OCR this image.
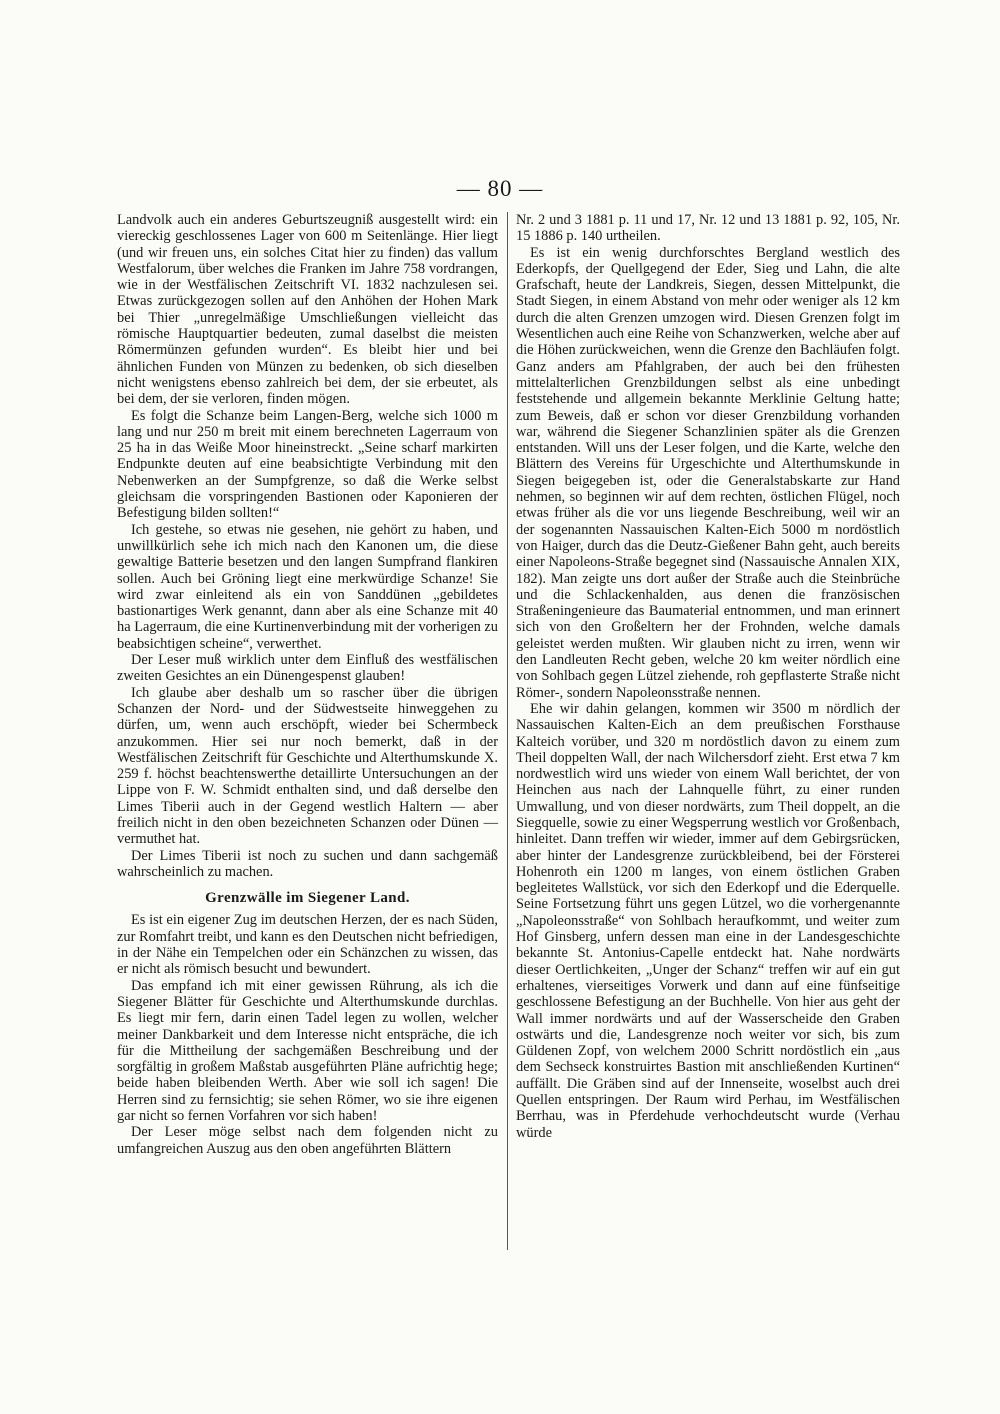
— 80 —

Landvolk auch ein anderes Geburtszeugniß ausgestellt wird: ein viereckig geschlossenes Lager von 600 m Seitenlänge. Hier liegt (und wir freuen uns, ein solches Citat hier zu finden) das vallum Westfalorum, über welches die Franken im Jahre 758 vordrangen, wie in der Westfälischen Zeitschrift VI. 1832 nachzulesen sei. Etwas zurückgezogen sollen auf den Anhöhen der Hohen Mark bei Thier „unregelmäßige Umschließungen vielleicht das römische Hauptquartier bedeuten, zumal daselbst die meisten Römermünzen gefunden wurden“. Es bleibt hier und bei ähnlichen Funden von Münzen zu bedenken, ob sich dieselben nicht wenigstens ebenso zahlreich bei dem, der sie erbeutet, als bei dem, der sie verloren, finden mögen.

Es folgt die Schanze beim Langen-Berg, welche sich 1000 m lang und nur 250 m breit mit einem berechneten Lagerraum von 25 ha in das Weiße Moor hineinstreckt. „Seine scharf markirten Endpunkte deuten auf eine beabsichtigte Verbindung mit den Nebenwerken an der Sumpfgrenze, so daß die Werke selbst gleichsam die vorspringenden Bastionen oder Kaponieren der Befestigung bilden sollten!“

Ich gestehe, so etwas nie gesehen, nie gehört zu haben, und unwillkürlich sehe ich mich nach den Kanonen um, die diese gewaltige Batterie besetzen und den langen Sumpfrand flankiren sollen. Auch bei Gröning liegt eine merkwürdige Schanze! Sie wird zwar einleitend als ein von Sanddünen „gebildetes bastionartiges Werk genannt, dann aber als eine Schanze mit 40 ha Lagerraum, die eine Kurtinenverbindung mit der vorherigen zu beabsichtigen scheine“, verwerthet.

Der Leser muß wirklich unter dem Einfluß des westfälischen zweiten Gesichtes an ein Dünengespenst glauben!

Ich glaube aber deshalb um so rascher über die übrigen Schanzen der Nord- und der Südwestseite hinweggehen zu dürfen, um, wenn auch erschöpft, wieder bei Schermbeck anzukommen. Hier sei nur noch bemerkt, daß in der Westfälischen Zeitschrift für Geschichte und Alterthumskunde X. 259 f. höchst beachtenswerthe detaillirte Untersuchungen an der Lippe von F. W. Schmidt enthalten sind, und daß derselbe den Limes Tiberii auch in der Gegend westlich Haltern — aber freilich nicht in den oben bezeichneten Schanzen oder Dünen — vermuthet hat.

Der Limes Tiberii ist noch zu suchen und dann sachgemäß wahrscheinlich zu machen.

Grenzwälle im Siegener Land.

Es ist ein eigener Zug im deutschen Herzen, der es nach Süden, zur Romfahrt treibt, und kann es den Deutschen nicht befriedigen, in der Nähe ein Tempelchen oder ein Schänzchen zu wissen, das er nicht als römisch besucht und bewundert.

Das empfand ich mit einer gewissen Rührung, als ich die Siegener Blätter für Geschichte und Alterthumskunde durchlas. Es liegt mir fern, darin einen Tadel legen zu wollen, welcher meiner Dankbarkeit und dem Interesse nicht entspräche, die ich für die Mittheilung der sachgemäßen Beschreibung und der sorgfältig in großem Maßstab ausgeführten Pläne aufrichtig hege; beide haben bleibenden Werth. Aber wie soll ich sagen! Die Herren sind zu fernsichtig; sie sehen Römer, wo sie ihre eigenen gar nicht so fernen Vorfahren vor sich haben!

Der Leser möge selbst nach dem folgenden nicht zu umfangreichen Auszug aus den oben angeführten Blättern

Nr. 2 und 3 1881 p. 11 und 17, Nr. 12 und 13 1881 p. 92, 105, Nr. 15 1886 p. 140 urtheilen.

Es ist ein wenig durchforschtes Bergland westlich des Ederkopfs, der Quellgegend der Eder, Sieg und Lahn, die alte Grafschaft, heute der Landkreis, Siegen, dessen Mittelpunkt, die Stadt Siegen, in einem Abstand von mehr oder weniger als 12 km durch die alten Grenzen umzogen wird. Diesen Grenzen folgt im Wesentlichen auch eine Reihe von Schanzwerken, welche aber auf die Höhen zurückweichen, wenn die Grenze den Bachläufen folgt. Ganz anders am Pfahlgraben, der auch bei den frühesten mittelalterlichen Grenzbildungen selbst als eine unbedingt feststehende und allgemein bekannte Merklinie Geltung hatte; zum Beweis, daß er schon vor dieser Grenzbildung vorhanden war, während die Siegener Schanzlinien später als die Grenzen entstanden. Will uns der Leser folgen, und die Karte, welche den Blättern des Vereins für Urgeschichte und Alterthumskunde in Siegen beigegeben ist, oder die Generalstabskarte zur Hand nehmen, so beginnen wir auf dem rechten, östlichen Flügel, noch etwas früher als die vor uns liegende Beschreibung, weil wir an der sogenannten Nassauischen Kalten-Eich 5000 m nordöstlich von Haiger, durch das die Deutz-Gießener Bahn geht, auch bereits einer Napoleons-Straße begegnet sind (Nassauische Annalen XIX, 182). Man zeigte uns dort außer der Straße auch die Steinbrüche und die Schlackenhalden, aus denen die französischen Straßeningenieure das Baumaterial entnommen, und man erinnert sich von den Großeltern her der Frohnden, welche damals geleistet werden mußten. Wir glauben nicht zu irren, wenn wir den Landleuten Recht geben, welche 20 km weiter nördlich eine von Sohlbach gegen Lützel ziehende, roh gepflasterte Straße nicht Römer-, sondern Napoleonsstraße nennen.

Ehe wir dahin gelangen, kommen wir 3500 m nördlich der Nassauischen Kalten-Eich an dem preußischen Forsthause Kalteich vorüber, und 320 m nordöstlich davon zu einem zum Theil doppelten Wall, der nach Wilchersdorf zieht. Erst etwa 7 km nordwestlich wird uns wieder von einem Wall berichtet, der von Heinchen aus nach der Lahnquelle führt, zu einer runden Umwallung, und von dieser nordwärts, zum Theil doppelt, an die Siegquelle, sowie zu einer Wegsperrung westlich vor Großenbach, hinleitet. Dann treffen wir wieder, immer auf dem Gebirgsrücken, aber hinter der Landesgrenze zurückbleibend, bei der Försterei Hohenroth ein 1200 m langes, von einem östlichen Graben begleitetes Wallstück, vor sich den Ederkopf und die Ederquelle. Seine Fortsetzung führt uns gegen Lützel, wo die vorhergenannte „Napoleonsstraße“ von Sohlbach heraufkommt, und weiter zum Hof Ginsberg, unfern dessen man eine in der Landesgeschichte bekannte St. Antonius-Capelle entdeckt hat. Nahe nordwärts dieser Oertlichkeiten, „Unger der Schanz“ treffen wir auf ein gut erhaltenes, vierseitiges Vorwerk und dann auf eine fünfseitige geschlossene Befestigung an der Buchhelle. Von hier aus geht der Wall immer nordwärts und auf der Wasserscheide den Graben ostwärts und die, Landesgrenze noch weiter vor sich, bis zum Güldenen Zopf, von welchem 2000 Schritt nordöstlich ein „aus dem Sechseck konstruirtes Bastion mit anschließenden Kurtinen“ auffällt. Die Gräben sind auf der Innenseite, woselbst auch drei Quellen entspringen. Der Raum wird Perhau, im Westfälischen Berrhau, was in Pferdehude verhochdeutscht wurde (Verhau würde
